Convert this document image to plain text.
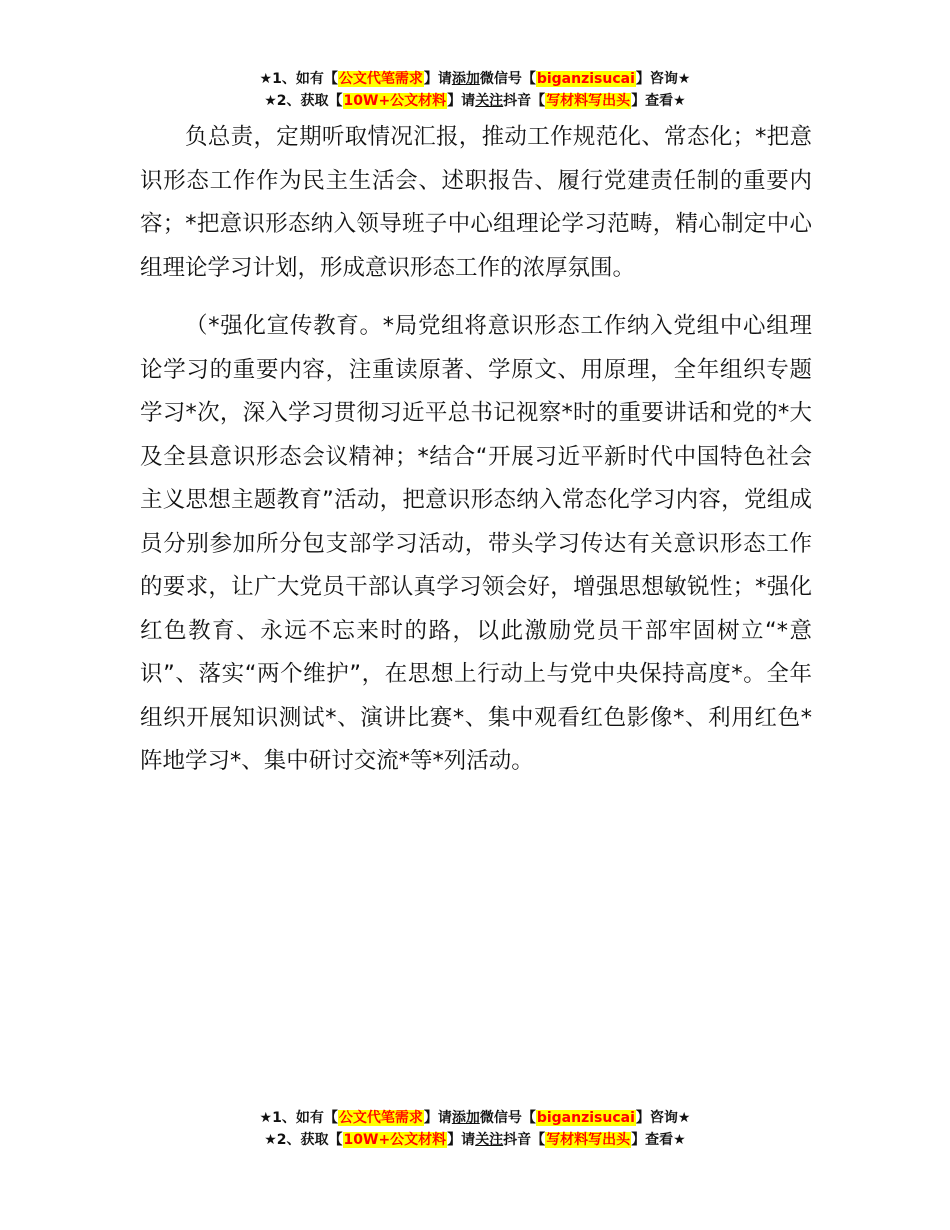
★1、如有【公文代笔需求】请添加微信号【biganzisucai】咨询★
★2、获取【10W+公文材料】请关注抖音【写材料写出头】查看★

负总责，定期听取情况汇报，推动工作规范化、常态化；*把意识形态工作作为民主生活会、述职报告、履行党建责任制的重要内容；*把意识形态纳入领导班子中心组理论学习范畴，精心制定中心组理论学习计划，形成意识形态工作的浓厚氛围。

（*强化宣传教育。*局党组将意识形态工作纳入党组中心组理论学习的重要内容，注重读原著、学原文、用原理，全年组织专题学习*次，深入学习贯彻习近平总书记视察*时的重要讲话和党的*大及全县意识形态会议精神；*结合“开展习近平新时代中国特色社会主义思想主题教育”活动，把意识形态纳入常态化学习内容，党组成员分别参加所分包支部学习活动，带头学习传达有关意识形态工作的要求，让广大党员干部认真学习领会好，增强思想敏锐性；*强化红色教育、永远不忘来时的路，以此激励党员干部牢固树立“*意识”、落实“两个维护”，在思想上行动上与党中央保持高度*。全年组织开展知识测试*、演讲比赛*、集中观看红色影像*、利用红色*阵地学习*、集中研讨交流*等*列活动。

★1、如有【公文代笔需求】请添加微信号【biganzisucai】咨询★
★2、获取【10W+公文材料】请关注抖音【写材料写出头】查看★
